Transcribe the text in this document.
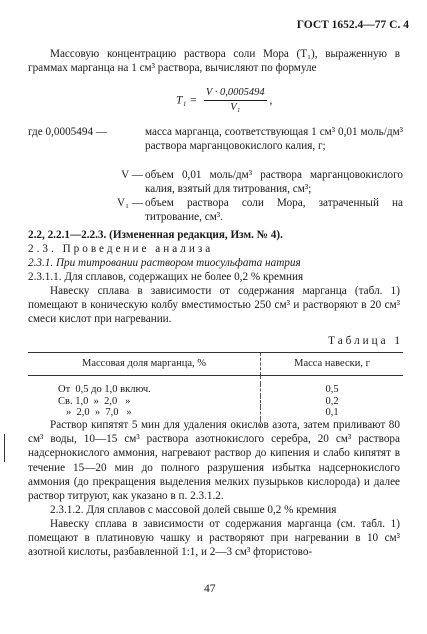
ГОСТ 1652.4—77 С. 4
Массовую концентрацию раствора соли Мора (T₁), выраженную в граммах марганца на 1 см³ раствора, вычисляют по формуле
$T_1 = \frac{V \cdot 0,0005494}{\text{V₁}}$ ,
где 0,0005494 —	масса марганца, соответствующая 1 см³ 0,01 моль/дм³ раствора марганцовокислого калия, г;
V — объем 0,01 моль/дм³ раствора марганцовокислого калия, взятый для титрования, см³;
V₁ — объем раствора соли Мора, затраченный на титрование, см³.
2.2, 2.2.1—2.2.3. (Измененная редакция, Изм. № 4).
2.3. Проведение анализа
2.3.1. При титровании раствором тиосульфата натрия
2.3.1.1. Для сплавов, содержащих не более 0,2 % кремния
Навеску сплава в зависимости от содержания марганца (табл. 1) помещают в коническую колбу вместимостью 250 см³ и растворяют в 20 см³ смеси кислот при нагревании.
Таблица 1
Массовая доля марганца, %	Масса навески, г

От  0,5 до 1,0 включ.	0,5
Св. 1,0  »  2,0   »	0,2
»  2,0  »  7,0   »	0,1

Раствор кипятят 5 мин для удаления окислов азота, затем приливают 80 см³ воды, 10—15 см³ раствора азотнокислого серебра, 20 см³ раствора надсернокислого аммония, нагревают раствор до кипения и слабо кипятят в течение 15—20 мин до полного разрушения избытка надсернокислого аммония (до прекращения выделения мелких пузырьков кислорода) и далее раствор титруют, как указано в п. 2.3.1.2.
2.3.1.2. Для сплавов с массовой долей свыше 0,2 % кремния
Навеску сплава в зависимости от содержания марганца (см. табл. 1) помещают в платиновую чашку и растворяют при нагревании в 10 см³ азотной кислоты, разбавленной 1:1, и 2—3 см³ фтористово-
47
